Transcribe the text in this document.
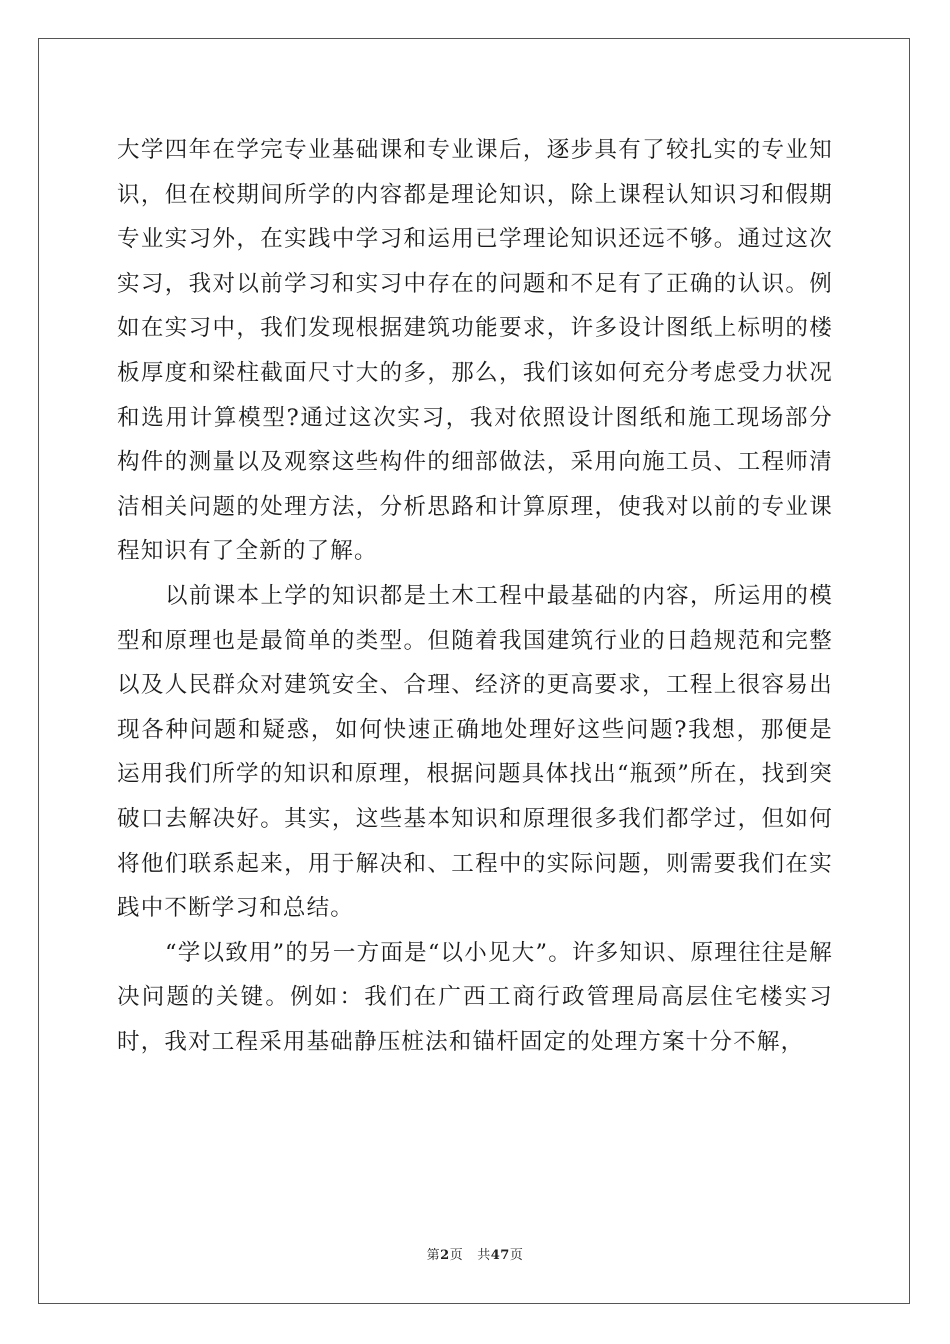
大学四年在学完专业基础课和专业课后，逐步具有了较扎实的专业知识，但在校期间所学的内容都是理论知识，除上课程认知识习和假期专业实习外，在实践中学习和运用已学理论知识还远不够。通过这次实习，我对以前学习和实习中存在的问题和不足有了正确的认识。例如在实习中，我们发现根据建筑功能要求，许多设计图纸上标明的楼板厚度和梁柱截面尺寸大的多，那么，我们该如何充分考虑受力状况和选用计算模型?通过这次实习，我对依照设计图纸和施工现场部分构件的测量以及观察这些构件的细部做法，采用向施工员、工程师清洁相关问题的处理方法，分析思路和计算原理，使我对以前的专业课程知识有了全新的了解。

以前课本上学的知识都是土木工程中最基础的内容，所运用的模型和原理也是最简单的类型。但随着我国建筑行业的日趋规范和完整以及人民群众对建筑安全、合理、经济的更高要求，工程上很容易出现各种问题和疑惑，如何快速正确地处理好这些问题?我想，那便是运用我们所学的知识和原理，根据问题具体找出“瓶颈”所在，找到突破口去解决好。其实，这些基本知识和原理很多我们都学过，但如何将他们联系起来，用于解决和、工程中的实际问题，则需要我们在实践中不断学习和总结。

“学以致用”的另一方面是“以小见大”。许多知识、原理往往是解决问题的关键。例如：我们在广西工商行政管理局高层住宅楼实习时，我对工程采用基础静压桩法和锚杆固定的处理方案十分不解，

第2页 共47页
